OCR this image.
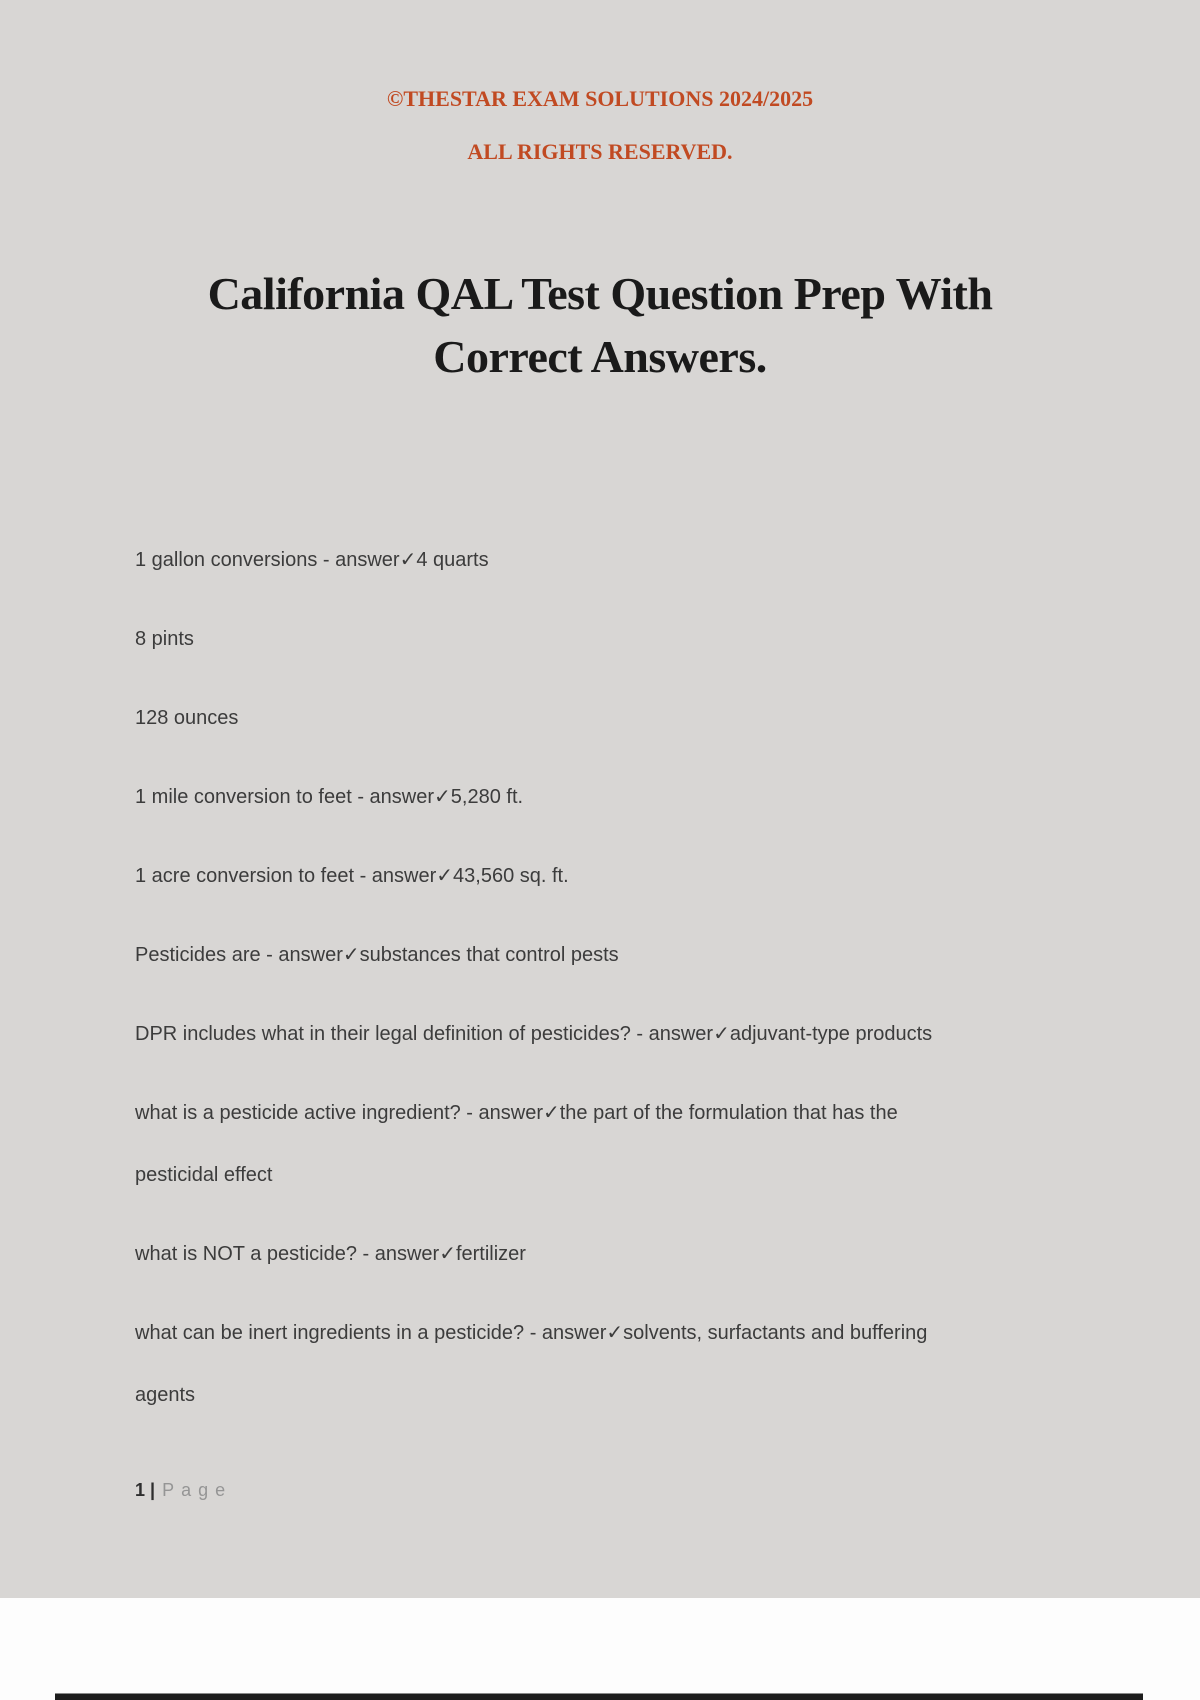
©THESTAR EXAM SOLUTIONS 2024/2025
ALL RIGHTS RESERVED.
California QAL Test Question Prep With
Correct Answers.
1 gallon conversions - answer✓4 quarts
8 pints
128 ounces
1 mile conversion to feet - answer✓5,280 ft.
1 acre conversion to feet - answer✓43,560 sq. ft.
Pesticides are - answer✓substances that control pests
DPR includes what in their legal definition of pesticides? - answer✓adjuvant-type products
what is a pesticide active ingredient? - answer✓the part of the formulation that has the
pesticidal effect
what is NOT a pesticide? - answer✓fertilizer
what can be inert ingredients in a pesticide? - answer✓solvents, surfactants and buffering
agents
1 | Page
